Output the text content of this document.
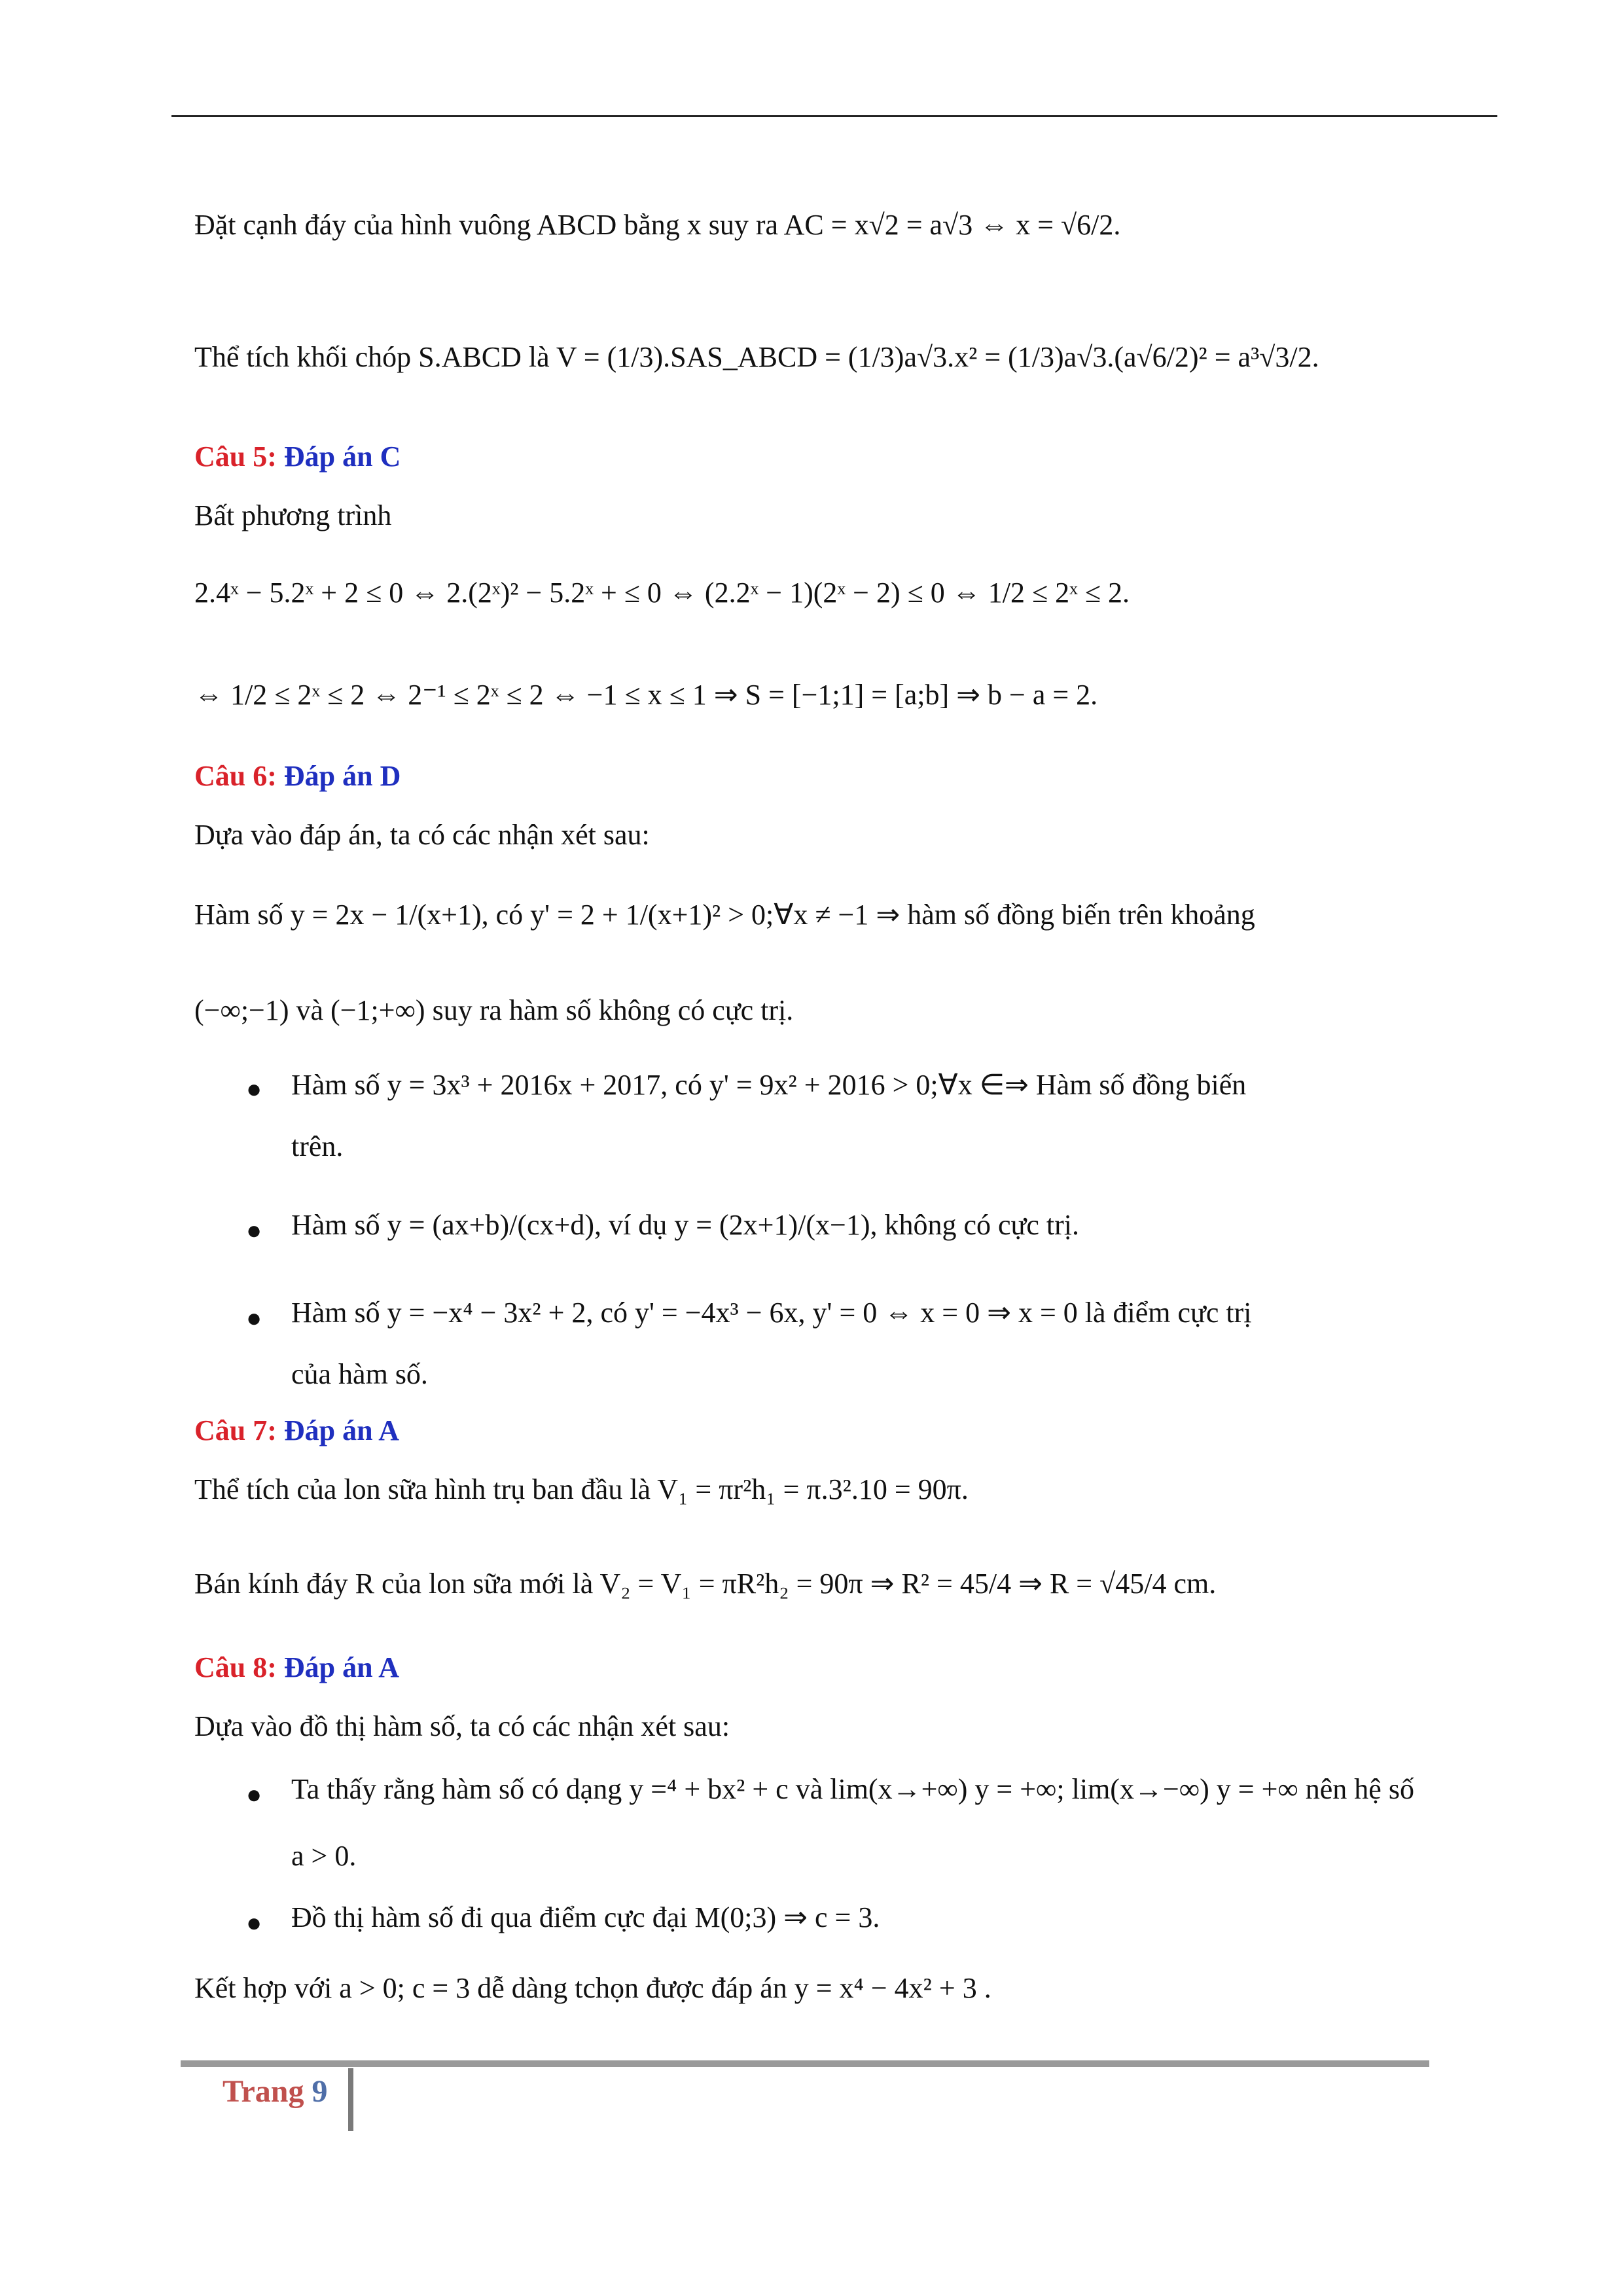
Đặt cạnh đáy của hình vuông ABCD bằng x suy ra AC = x√2 = a√3 ⇔ x = √6/2.
Thể tích khối chóp S.ABCD là V = (1/3).SAS_ABCD = (1/3)a√3.x² = (1/3)a√3.(a√6/2)² = a³√3/2.
Câu 5: Đáp án C
Bất phương trình
2.4ˣ − 5.2ˣ + 2 ≤ 0 ⇔ 2.(2ˣ)² − 5.2ˣ + ≤ 0 ⇔ (2.2ˣ − 1)(2ˣ − 2) ≤ 0 ⇔ 1/2 ≤ 2ˣ ≤ 2.
⇔ 1/2 ≤ 2ˣ ≤ 2 ⇔ 2⁻¹ ≤ 2ˣ ≤ 2 ⇔ −1 ≤ x ≤ 1 ⇒ S = [−1;1] = [a;b] ⇒ b − a = 2.
Câu 6: Đáp án D
Dựa vào đáp án, ta có các nhận xét sau:
Hàm số y = 2x − 1/(x+1), có y' = 2 + 1/(x+1)² > 0;∀x ≠ −1 ⇒ hàm số đồng biến trên khoảng
(−∞;−1) và (−1;+∞) suy ra hàm số không có cực trị.
● Hàm số y = 3x³ + 2016x + 2017, có y' = 9x² + 2016 > 0;∀x ∈⇒ Hàm số đồng biến
trên.
● Hàm số y = (ax+b)/(cx+d), ví dụ y = (2x+1)/(x−1), không có cực trị.
● Hàm số y = −x⁴ − 3x² + 2, có y' = −4x³ − 6x, y' = 0 ⇔ x = 0 ⇒ x = 0 là điểm cực trị
của hàm số.
Câu 7: Đáp án A
Thể tích của lon sữa hình trụ ban đầu là V₁ = πr²h₁ = π.3².10 = 90π.
Bán kính đáy R của lon sữa mới là V₂ = V₁ = πR²h₂ = 90π ⇒ R² = 45/4 ⇒ R = √45/4 cm.
Câu 8: Đáp án A
Dựa vào đồ thị hàm số, ta có các nhận xét sau:
● Ta thấy rằng hàm số có dạng y =⁴ + bx² + c và lim(x→+∞) y = +∞; lim(x→−∞) y = +∞ nên hệ số
a > 0.
● Đồ thị hàm số đi qua điểm cực đại M(0;3) ⇒ c = 3.
Kết hợp với a > 0; c = 3 dễ dàng tchọn được đáp án y = x⁴ − 4x² + 3 .
Trang 9
